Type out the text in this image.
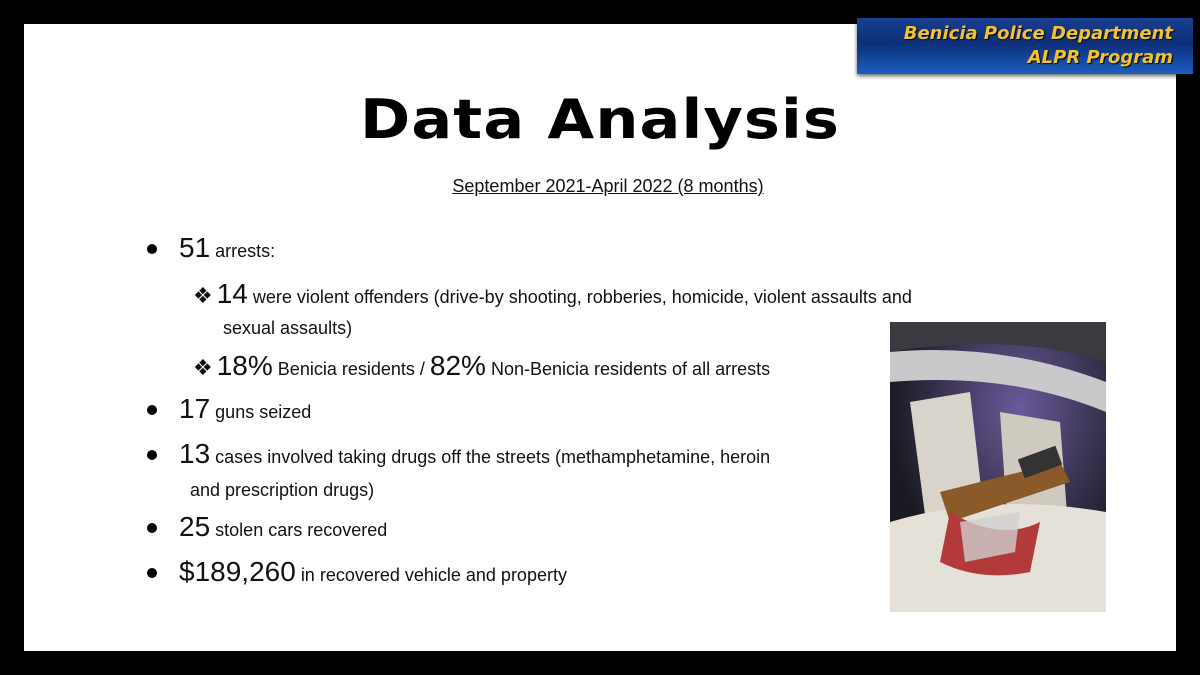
Benicia Police Department
ALPR Program
Data Analysis
September 2021-April 2022 (8 months)
51 arrests:
❖ 14 were violent offenders (drive-by shooting, robberies, homicide, violent assaults and
sexual assaults)
❖ 18% Benicia residents / 82% Non-Benicia residents of all arrests
17 guns seized
13 cases involved taking drugs off the streets (methamphetamine, heroin
and prescription drugs)
25 stolen cars recovered
$189,260 in recovered vehicle and property
